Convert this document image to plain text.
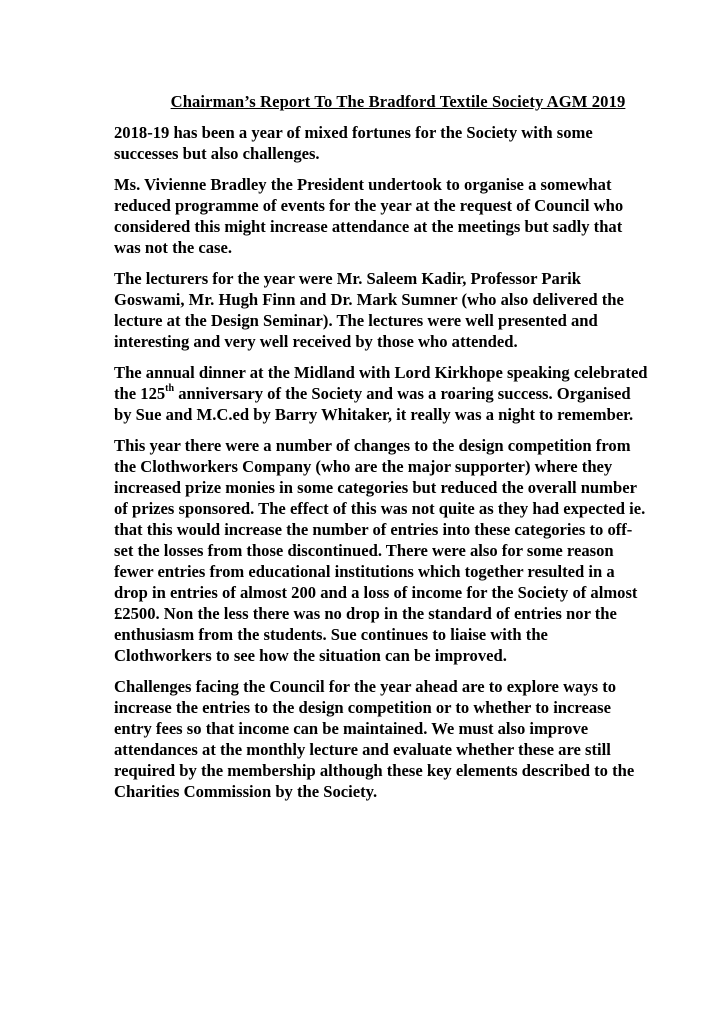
Chairman’s Report To The Bradford Textile Society AGM 2019
2018-19 has been a year of mixed fortunes for the Society with some
successes but also challenges.
Ms. Vivienne Bradley the President undertook to organise a somewhat
reduced programme of events for the year at the request of Council who
considered this might increase attendance at the meetings but sadly that
was not the case.
The lecturers for the year were Mr. Saleem Kadir, Professor Parik
Goswami, Mr. Hugh Finn and Dr. Mark Sumner (who also delivered the
lecture at the Design Seminar). The lectures were well presented and
interesting and very well received by those who attended.
The annual dinner at the Midland with Lord Kirkhope speaking celebrated
the 125th anniversary of the Society and was a roaring success. Organised
by Sue and M.C.ed by Barry Whitaker, it really was a night to remember.
This year there were a number of changes to the design competition from
the Clothworkers Company (who are the major supporter) where they
increased prize monies in some categories but reduced the overall number
of prizes sponsored. The effect of this was not quite as they had expected ie.
that this would increase the number of entries into these categories to off-
set the losses from those discontinued. There were also for some reason
fewer entries from educational institutions which together resulted in a
drop in entries of almost 200 and a loss of income for the Society of almost
£2500. Non the less there was no drop in the standard of entries nor the
enthusiasm from the students. Sue continues to liaise with the
Clothworkers to see how the situation can be improved.
Challenges facing the Council for the year ahead are to explore ways to
increase the entries to the design competition or to whether to increase
entry fees so that income can be maintained. We must also improve
attendances at the monthly lecture and evaluate whether these are still
required by the membership although these key elements described to the
Charities Commission by the Society.
